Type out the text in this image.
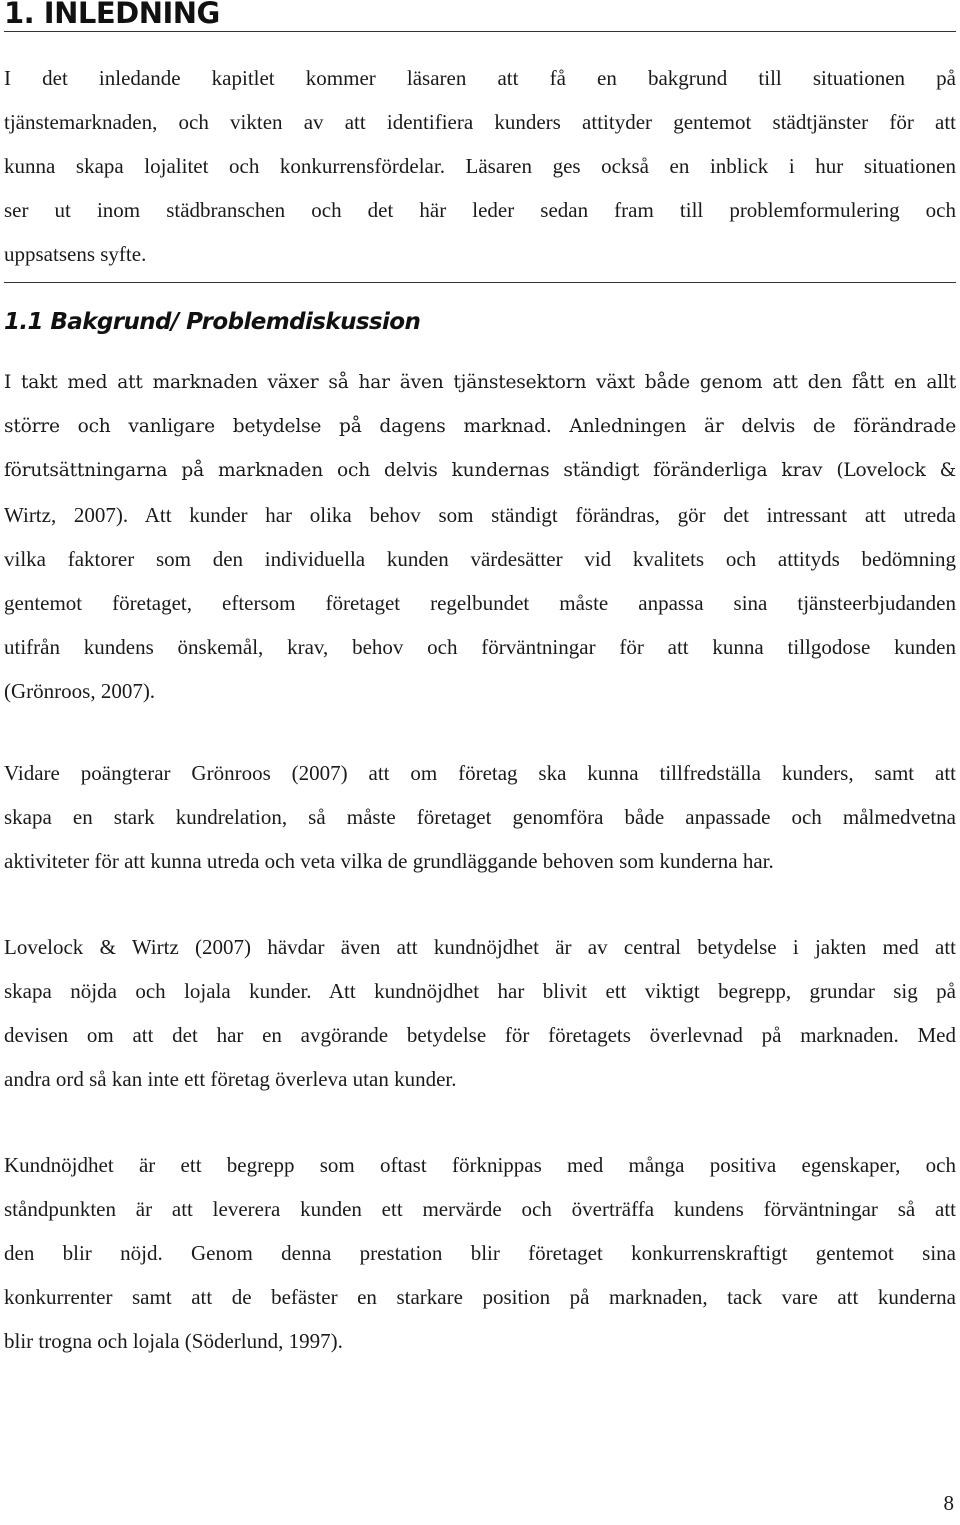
1. INLEDNING
I det inledande kapitlet kommer läsaren att få en bakgrund till situationen på
tjänstemarknaden, och vikten av att identifiera kunders attityder gentemot städtjänster för att
kunna skapa lojalitet och konkurrensfördelar. Läsaren ges också en inblick i hur situationen
ser ut inom städbranschen och det här leder sedan fram till problemformulering och
uppsatsens syfte.
1.1 Bakgrund/ Problemdiskussion
I takt med att marknaden växer så har även tjänstesektorn växt både genom att den fått en allt
större och vanligare betydelse på dagens marknad. Anledningen är delvis de förändrade
förutsättningarna på marknaden och delvis kundernas ständigt föränderliga krav (Lovelock &
Wirtz, 2007). Att kunder har olika behov som ständigt förändras, gör det intressant att utreda
vilka faktorer som den individuella kunden värdesätter vid kvalitets och attityds bedömning
gentemot företaget, eftersom företaget regelbundet måste anpassa sina tjänsteerbjudanden
utifrån kundens önskemål, krav, behov och förväntningar för att kunna tillgodose kunden
(Grönroos, 2007).
Vidare poängterar Grönroos (2007) att om företag ska kunna tillfredställa kunders, samt att
skapa en stark kundrelation, så måste företaget genomföra både anpassade och målmedvetna
aktiviteter för att kunna utreda och veta vilka de grundläggande behoven som kunderna har.
Lovelock & Wirtz (2007) hävdar även att kundnöjdhet är av central betydelse i jakten med att
skapa nöjda och lojala kunder. Att kundnöjdhet har blivit ett viktigt begrepp, grundar sig på
devisen om att det har en avgörande betydelse för företagets överlevnad på marknaden. Med
andra ord så kan inte ett företag överleva utan kunder.
Kundnöjdhet är ett begrepp som oftast förknippas med många positiva egenskaper, och
ståndpunkten är att leverera kunden ett mervärde och överträffa kundens förväntningar så att
den blir nöjd. Genom denna prestation blir företaget konkurrenskraftigt gentemot sina
konkurrenter samt att de befäster en starkare position på marknaden, tack vare att kunderna
blir trogna och lojala (Söderlund, 1997).
8
